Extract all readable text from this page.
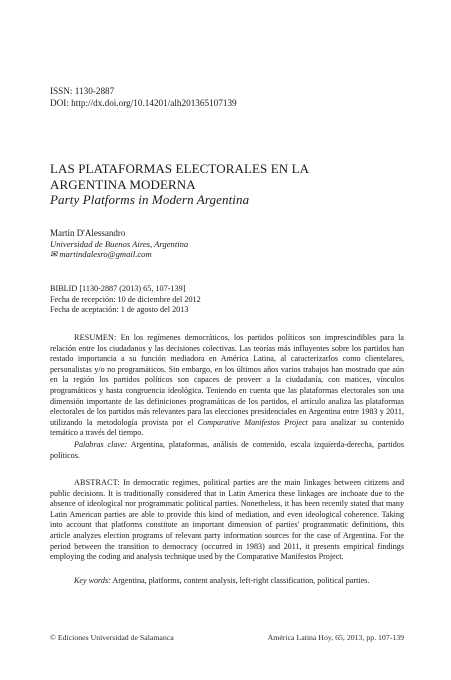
ISSN: 1130-2887
DOI: http://dx.doi.org/10.14201/alh201365107139
LAS PLATAFORMAS ELECTORALES EN LA
ARGENTINA MODERNA
Party Platforms in Modern Argentina
Martín D'Alessandro
Universidad de Buenos Aires, Argentina
✉ martindalesro@gmail.com
BIBLID [1130-2887 (2013) 65, 107-139]
Fecha de recepción: 10 de diciembre del 2012
Fecha de aceptación: 1 de agosto del 2013

RESUMEN: En los regímenes democráticos, los partidos políticos son imprescindibles para la relación entre los ciudadanos y las decisiones colectivas. Las teorías más influyentes sobre los partidos han restado importancia a su función mediadora en América Latina, al caracterizarlos como clientelares, personalistas y/o no programáticos. Sin embargo, en los últimos años varios trabajos han mostrado que aún en la región los partidos políticos son capaces de proveer a la ciudadanía, con matices, vínculos programáticos y hasta congruencia ideológica. Teniendo en cuenta que las plataformas electorales son una dimensión importante de las definiciones programáticas de los partidos, el artículo analiza las plataformas electorales de los partidos más relevantes para las elecciones presidenciales en Argentina entre 1983 y 2011, utilizando la metodología provista por el Comparative Manifestos Project para analizar su contenido temático a través del tiempo.

Palabras clave: Argentina, plataformas, análisis de contenido, escala izquierda-derecha, partidos políticos.

ABSTRACT: In democratic regimes, political parties are the main linkages between citizens and public decisions. It is traditionally considered that in Latin America these linkages are inchoate due to the absence of ideological nor programmatic political parties. Nonetheless, it has been recently stated that many Latin American parties are able to provide this kind of mediation, and even ideological coherence. Taking into account that platforms constitute an important dimension of parties' programmatic definitions, this article analyzes election programs of relevant party information sources for the case of Argentina. For the period between the transition to democracy (occurred in 1983) and 2011, it presents empirical findings employing the coding and analysis technique used by the Comparative Manifestos Project.

Key words: Argentina, platforms, content analysis, left-right classification, political parties.

© Ediciones Universidad de Salamanca	América Latina Hoy, 65, 2013, pp. 107-139
